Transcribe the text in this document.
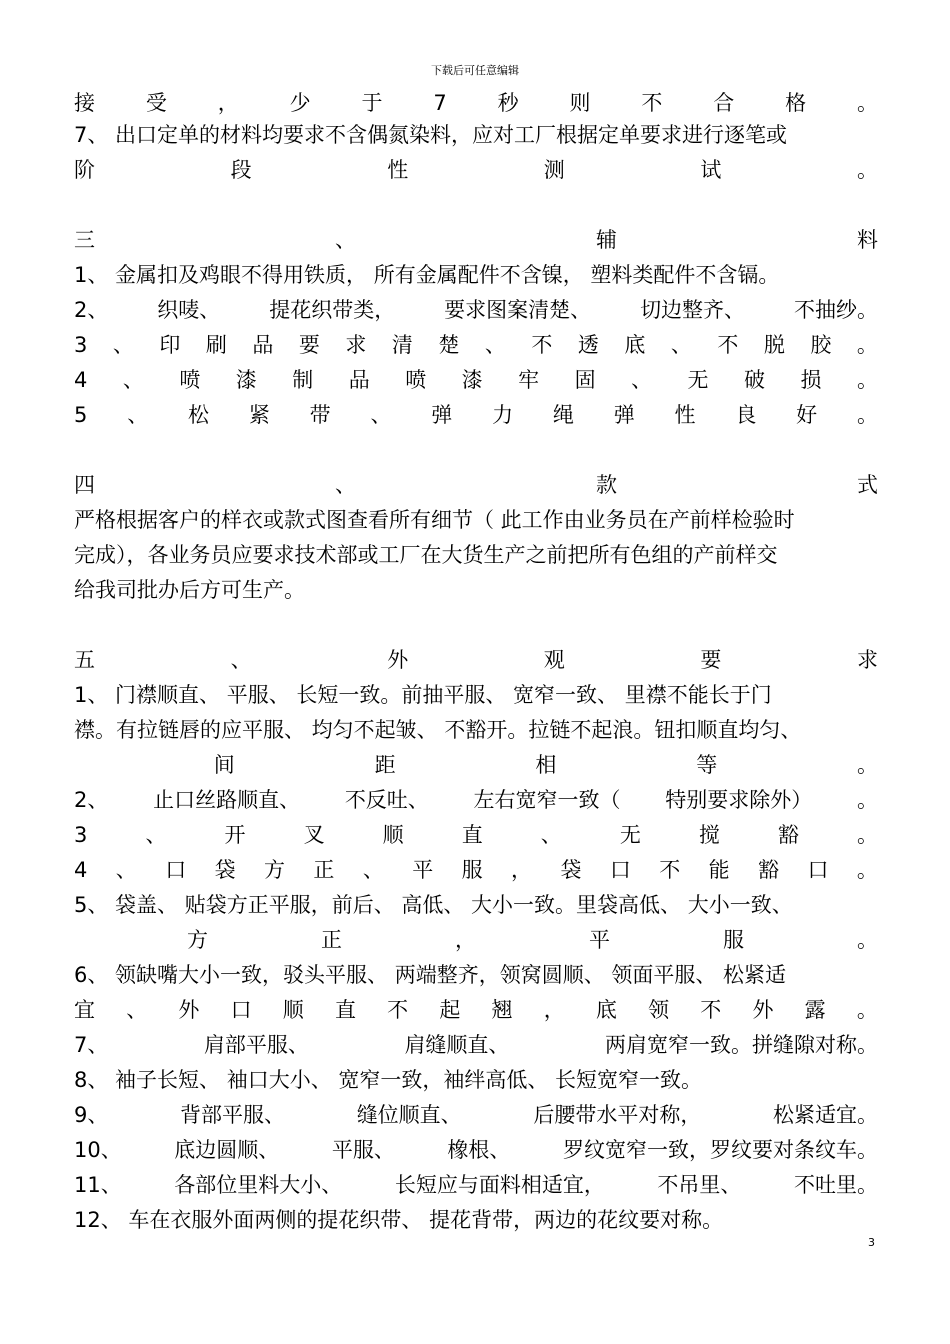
下载后可任意编辑
接 受 ， 少 于 7 秒 则 不 合 格 。
7、 出口定单的材料均要求不含偶氮染料，应对工厂根据定单要求进行逐笔或
阶	段	性	测	试	。
三	、	辅	料
1、 金属扣及鸡眼不得用铁质， 所有金属配件不含镍， 塑料类配件不含镉。
2、 织唛、 提花织带类， 要求图案清楚、 切边整齐、 不抽纱。
3 、 印 刷 品 要 求 清 楚 、 不 透 底 、 不 脱 胶 。
4 、 喷 漆 制 品 喷 漆 牢 固 、 无 破 损 。
5 、 松 紧 带 、 弹 力 绳 弹 性 良 好 。
四	、	款	式
严格根据客户的样衣或款式图查看所有细节（ 此工作由业务员在产前样检验时
完成），各业务员应要求技术部或工厂在大货生产之前把所有色组的产前样交
给我司批办后方可生产。
五	、	外	观	要	求
1、 门襟顺直、 平服、 长短一致。前抽平服、 宽窄一致、 里襟不能长于门
襟。有拉链唇的应平服、 均匀不起皱、 不豁开。拉链不起浪。钮扣顺直均匀、
间	距	相	等	。
2、 止口丝路顺直、 不反吐、 左右宽窄一致（ 特别要求除外） 。
3	、	开	叉	顺	直	、	无	搅	豁	。
4 、 口 袋 方 正 、 平 服 ， 袋 口 不 能 豁 口 。
5、 袋盖、 贴袋方正平服，前后、 高低、 大小一致。里袋高低、 大小一致、
方	正	，	平	服	。
6、 领缺嘴大小一致，驳头平服、 两端整齐，领窝圆顺、 领面平服、 松紧适
宜 、 外 口 顺 直 不 起 翘 ， 底 领 不 外 露 。
7、	肩部平服、	肩缝顺直、	两肩宽窄一致。拼缝隙对称。
8、 袖子长短、 袖口大小、 宽窄一致，袖绊高低、 长短宽窄一致。
9、	背部平服、	缝位顺直、	后腰带水平对称，	松紧适宜。
10、	底边圆顺、	平服、	橡根、	罗纹宽窄一致，罗纹要对条纹车。
11、	各部位里料大小、	长短应与面料相适宜，	不吊里、	不吐里。
12、 车在衣服外面两侧的提花织带、 提花背带，两边的花纹要对称。
3
